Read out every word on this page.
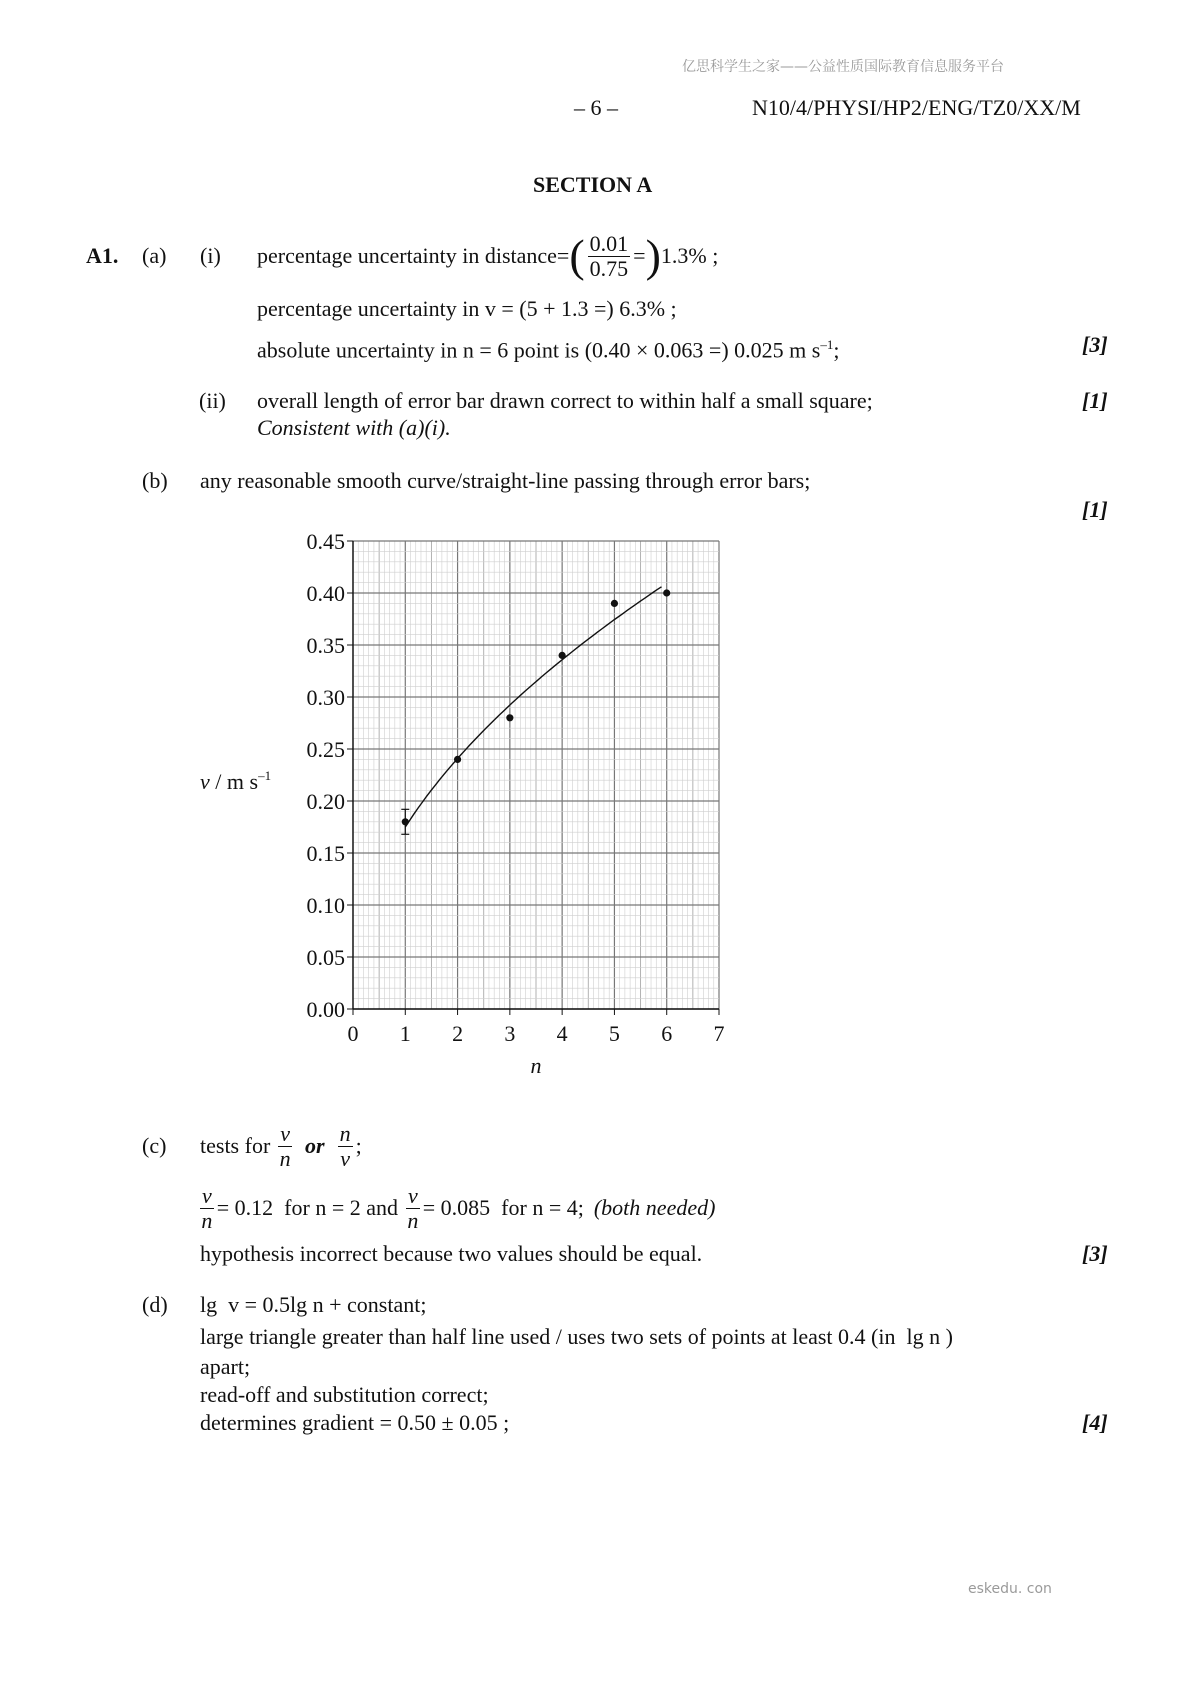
亿思科学生之家——公益性质国际教育信息服务平台
– 6 –	N10/4/PHYSI/HP2/ENG/TZ0/XX/M
SECTION A
A1. (a) (i) percentage uncertainty in distance = ( $\frac{0.01}{0.75}$ = ) 1.3% ;
percentage uncertainty in v = (5 + 1.3 =) 6.3% ;
absolute uncertainty in n = 6 point is (0.40 × 0.063 =) 0.025 m $s^{-1}$;	[3]
(ii) overall length of error bar drawn correct to within half a small square;
Consistent with (a)(i).
[1]
(b) any reasonable smooth curve/straight-line passing through error bars;
[1]
0 1 2 3 4 5 6 7
0.00
0.05
0.10
0.15
0.20
0.25
0.30
0.35
0.40
0.45
n
v / m $s^{-1}$
(c) tests for $\frac{v}{n}$ or $\frac{n}{v}$ ;
$\frac{v}{n} = 0.12$  for n = 2 and $\frac{v}{n} = 0.085$  for n = 4; (both needed)
hypothesis incorrect because two values should be equal.	[3]
(d) lg  v = 0.5lg n + constant;
large triangle greater than half line used / uses two sets of points at least 0.4 (in  lg n )
apart;
read-off and substitution correct;
determines gradient = 0.50 ± 0.05 ;	[4]
eskedu. con
